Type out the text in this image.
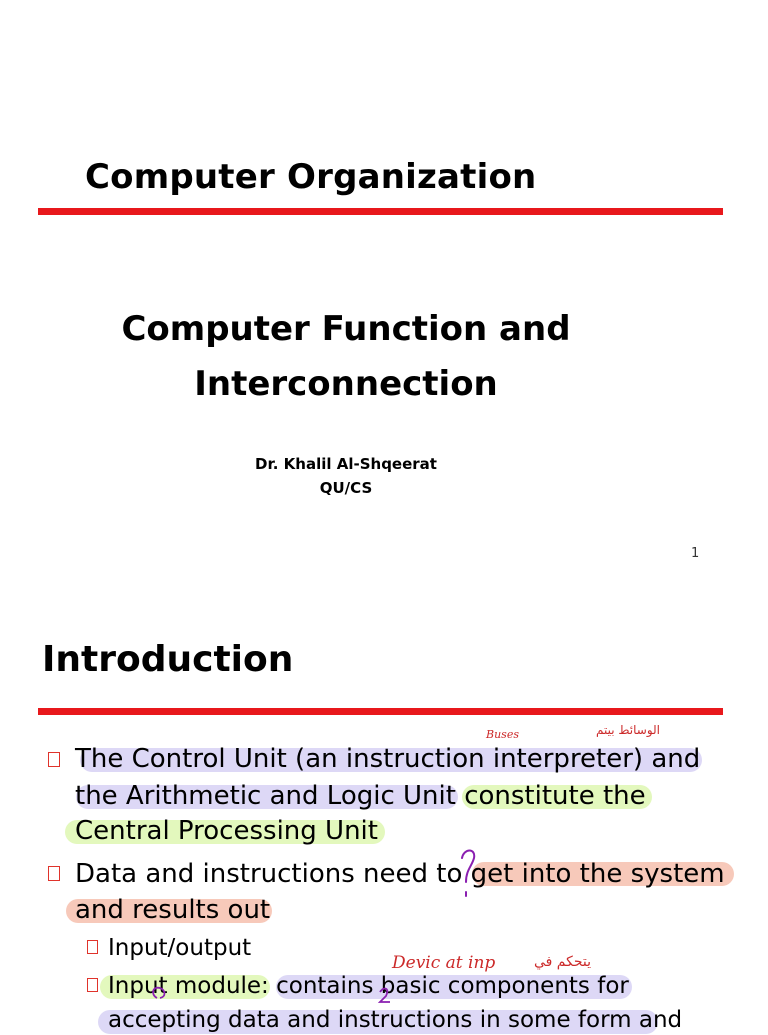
Computer Organization
Computer Function and
Interconnection
Dr. Khalil Al-Shqeerat
QU/CS
1
Introduction
The Control Unit (an instruction interpreter) and
the Arithmetic and Logic Unit constitute the
Central Processing Unit
Data and instructions need to get into the system
and results out
Input/output
Input module: contains basic components for
accepting data and instructions in some form and
Buses	الوسائط بيتم
Devic at inp	يتحكم في
